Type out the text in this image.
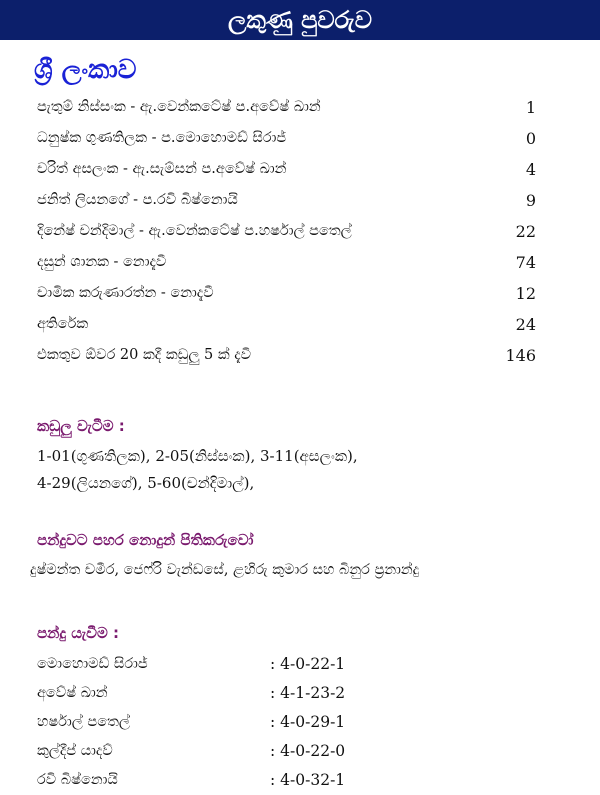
ලකුණු පුවරුව
ශ්‍රී ලංකාව
පැතුම් නිස්සංක - ඇ.වෙන්කටේෂ් ප.අවේෂ් ඛාන්	1
ධනුෂ්ක ගුණතිලක - ප.මොහොමඩ් සිරාජ්	0
චරිත් අසලංක - ඇ.සැම්සන් ප.අවේෂ් ඛාන්	4
ජනිත් ලියනගේ - ප.රවි බිෂ්නොයි	9
දිනේෂ් චන්දිමාල් - ඇ.වෙන්කටේෂ් ප.හර්ෂාල් පතෙල්	22
දසුන් ශානක - නොදැවී	74
චාමික කරුණාරත්න - නොදැවී	12
අතිරේක	24
එකතුව ඕවර 20 කදී කඩුලු 5 ක් දැවී	146
කඩුලු වැටීම :
1-01(ගුණතිලක), 2-05(නිස්සංක), 3-11(අසලංක),
4-29(ලියනගේ), 5-60(චන්දිමාල්),
පන්දුවට පහර නොදුන් පිතිකරුවෝ
දුෂ්මන්ත චමීර, ජෙෆ්රි වැන්ඩසේ, ළහිරු කුමාර සහ බිනුර ප්‍රනාන්දු
පන්දු යැවීම :
මොහොමඩ් සිරාජ්	: 4-0-22-1
අවේෂ් ඛාන්	: 4-1-23-2
හර්ෂාල් පතෙල්	: 4-0-29-1
කුල්දීප් යාදව්	: 4-0-22-0
රවි බිෂ්නොයි	: 4-0-32-1
